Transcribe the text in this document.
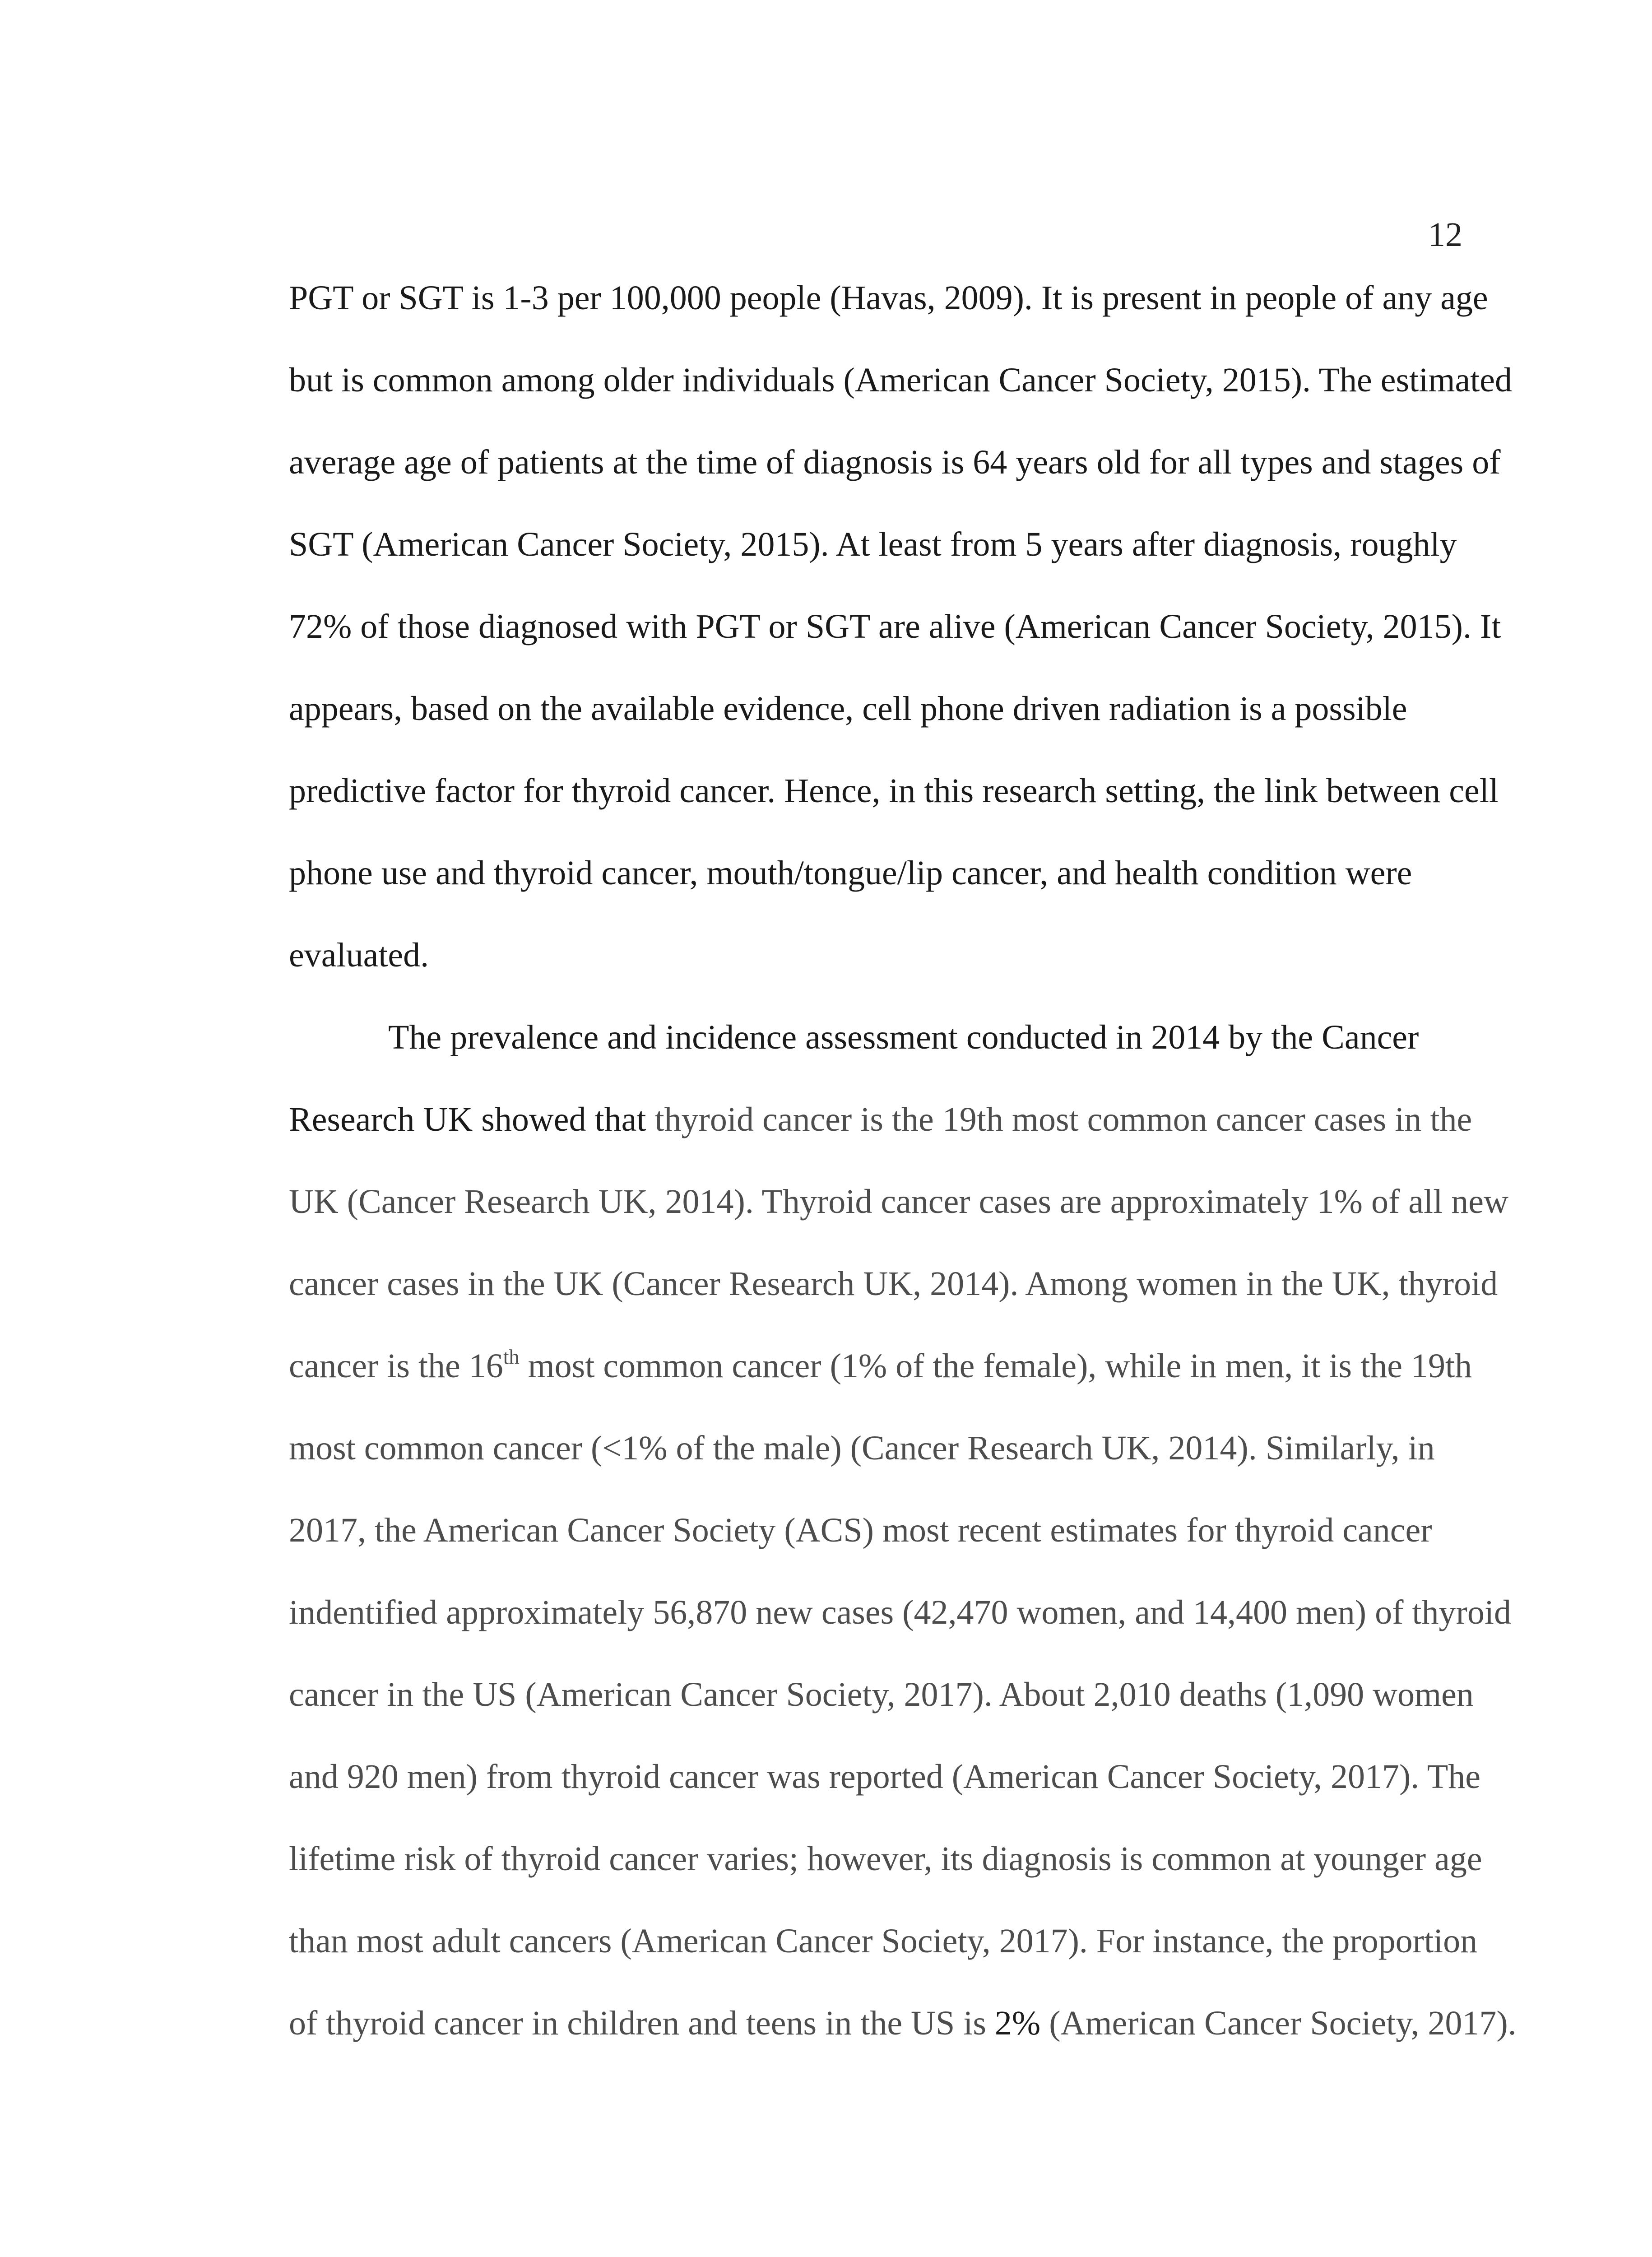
12

PGT or SGT is 1-3 per 100,000 people (Havas, 2009). It is present in people of any age

but is common among older individuals (American Cancer Society, 2015). The estimated

average age of patients at the time of diagnosis is 64 years old for all types and stages of

SGT (American Cancer Society, 2015). At least from 5 years after diagnosis, roughly

72% of those diagnosed with PGT or SGT are alive (American Cancer Society, 2015). It

appears, based on the available evidence, cell phone driven radiation is a possible

predictive factor for thyroid cancer. Hence, in this research setting, the link between cell

phone use and thyroid cancer, mouth/tongue/lip cancer, and health condition were

evaluated.

The prevalence and incidence assessment conducted in 2014 by the Cancer

Research UK showed that thyroid cancer is the 19th most common cancer cases in the

UK (Cancer Research UK, 2014). Thyroid cancer cases are approximately 1% of all new

cancer cases in the UK (Cancer Research UK, 2014). Among women in the UK, thyroid

cancer is the 16th most common cancer (1% of the female), while in men, it is the 19th

most common cancer (<1% of the male) (Cancer Research UK, 2014). Similarly, in

2017, the American Cancer Society (ACS) most recent estimates for thyroid cancer

indentified approximately 56,870 new cases (42,470 women, and 14,400 men) of thyroid

cancer in the US (American Cancer Society, 2017). About 2,010 deaths (1,090 women

and 920 men) from thyroid cancer was reported (American Cancer Society, 2017). The

lifetime risk of thyroid cancer varies; however, its diagnosis is common at younger age

than most adult cancers (American Cancer Society, 2017). For instance, the proportion

of thyroid cancer in children and teens in the US is 2% (American Cancer Society, 2017).
